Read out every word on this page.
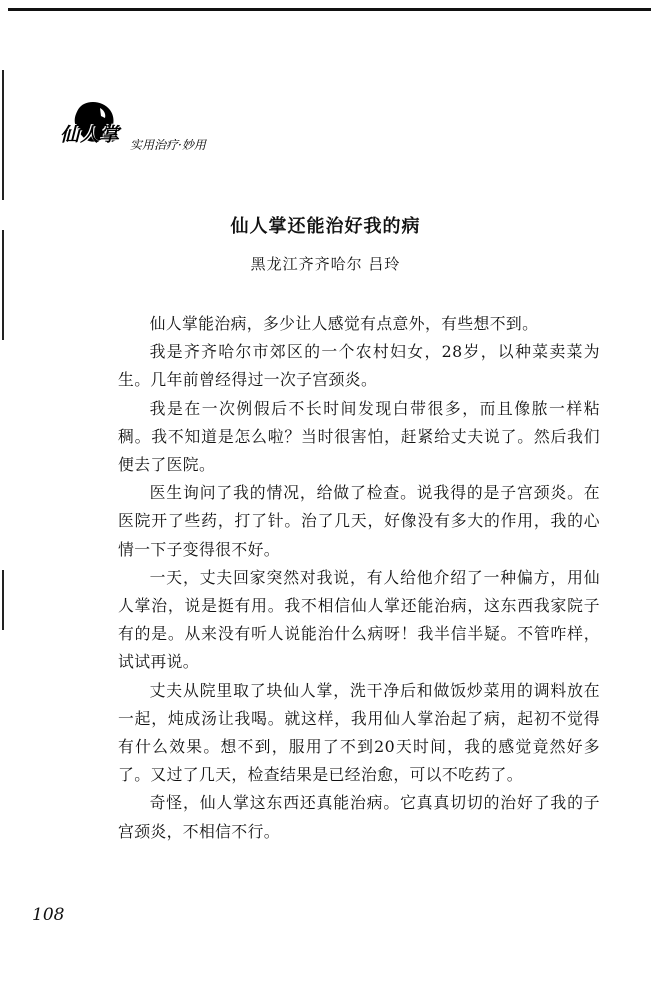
仙人掌 实用治疗·妙用
仙人掌还能治好我的病
黑龙江齐齐哈尔 吕玲

仙人掌能治病，多少让人感觉有点意外，有些想不到。

我是齐齐哈尔市郊区的一个农村妇女，28岁，以种菜卖菜为生。几年前曾经得过一次子宫颈炎。

我是在一次例假后不长时间发现白带很多，而且像脓一样粘稠。我不知道是怎么啦？当时很害怕，赶紧给丈夫说了。然后我们便去了医院。

医生询问了我的情况，给做了检查。说我得的是子宫颈炎。在医院开了些药，打了针。治了几天，好像没有多大的作用，我的心情一下子变得很不好。

一天，丈夫回家突然对我说，有人给他介绍了一种偏方，用仙人掌治，说是挺有用。我不相信仙人掌还能治病，这东西我家院子有的是。从来没有听人说能治什么病呀！我半信半疑。不管咋样，试试再说。

丈夫从院里取了块仙人掌，洗干净后和做饭炒菜用的调料放在一起，炖成汤让我喝。就这样，我用仙人掌治起了病，起初不觉得有什么效果。想不到，服用了不到20天时间，我的感觉竟然好多了。又过了几天，检查结果是已经治愈，可以不吃药了。

奇怪，仙人掌这东西还真能治病。它真真切切的治好了我的子宫颈炎，不相信不行。

108
